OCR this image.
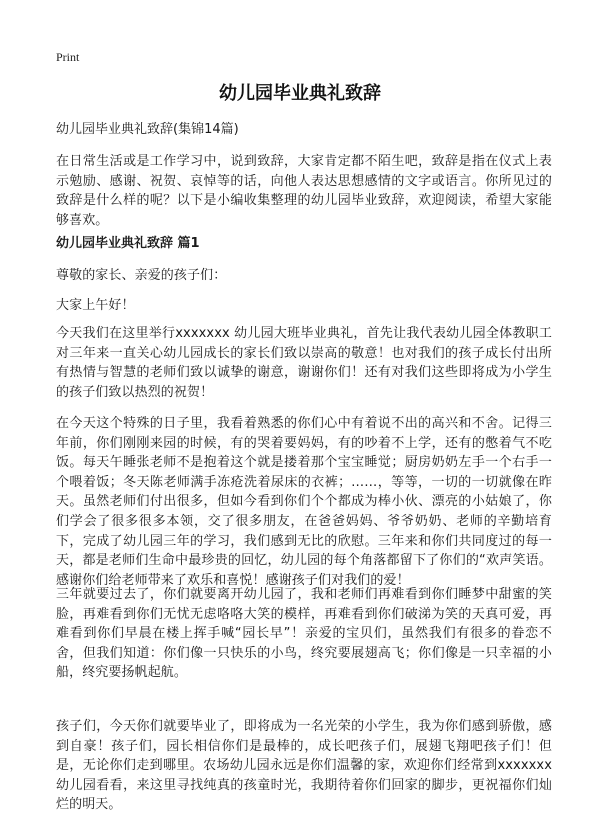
Print
幼儿园毕业典礼致辞
幼儿园毕业典礼致辞(集锦14篇)

在日常生活或是工作学习中，说到致辞，大家肯定都不陌生吧，致辞是指在仪式上表示勉励、感谢、祝贺、哀悼等的话，向他人表达思想感情的文字或语言。你所见过的致辞是什么样的呢？以下是小编收集整理的幼儿园毕业致辞，欢迎阅读，希望大家能够喜欢。

幼儿园毕业典礼致辞 篇1

尊敬的家长、亲爱的孩子们：

大家上午好！

今天我们在这里举行xxxxxxx 幼儿园大班毕业典礼，首先让我代表幼儿园全体教职工对三年来一直关心幼儿园成长的家长们致以崇高的敬意！也对我们的孩子成长付出所有热情与智慧的老师们致以诚挚的谢意，谢谢你们！还有对我们这些即将成为小学生的孩子们致以热烈的祝贺！

在今天这个特殊的日子里，我看着熟悉的你们心中有着说不出的高兴和不舍。记得三年前，你们刚刚来园的时候，有的哭着要妈妈，有的吵着不上学，还有的憋着气不吃饭。每天午睡张老师不是抱着这个就是搂着那个宝宝睡觉；厨房奶奶左手一个右手一个喂着饭；冬天陈老师满手冻疮洗着尿床的衣裤；……，等等，一切的一切就像在昨天。虽然老师们付出很多，但如今看到你们个个都成为棒小伙、漂亮的小姑娘了，你们学会了很多很多本领，交了很多朋友，在爸爸妈妈、爷爷奶奶、老师的辛勤培育下，完成了幼儿园三年的学习，我们感到无比的欣慰。三年来和你们共同度过的每一天，都是老师们生命中最珍贵的回忆，幼儿园的每个角落都留下了你们的“欢声笑语。感谢你们给老师带来了欢乐和喜悦！感谢孩子们对我们的爱！

三年就要过去了，你们就要离开幼儿园了，我和老师们再难看到你们睡梦中甜蜜的笑脸，再难看到你们无忧无虑咯咯大笑的模样，再难看到你们破涕为笑的天真可爱，再难看到你们早晨在楼上挥手喊“园长早”！亲爱的宝贝们，虽然我们有很多的眷恋不舍，但我们知道：你们像一只快乐的小鸟，终究要展翅高飞；你们像是一只幸福的小船，终究要扬帆起航。

孩子们，今天你们就要毕业了，即将成为一名光荣的小学生，我为你们感到骄傲，感到自豪！孩子们，园长相信你们是最棒的，成长吧孩子们，展翅飞翔吧孩子们！但是，无论你们走到哪里。农场幼儿园永远是你们温馨的家，欢迎你们经常到xxxxxxx 幼儿园看看，来这里寻找纯真的孩童时光，我期待着你们回家的脚步，更祝福你们灿烂的明天。
